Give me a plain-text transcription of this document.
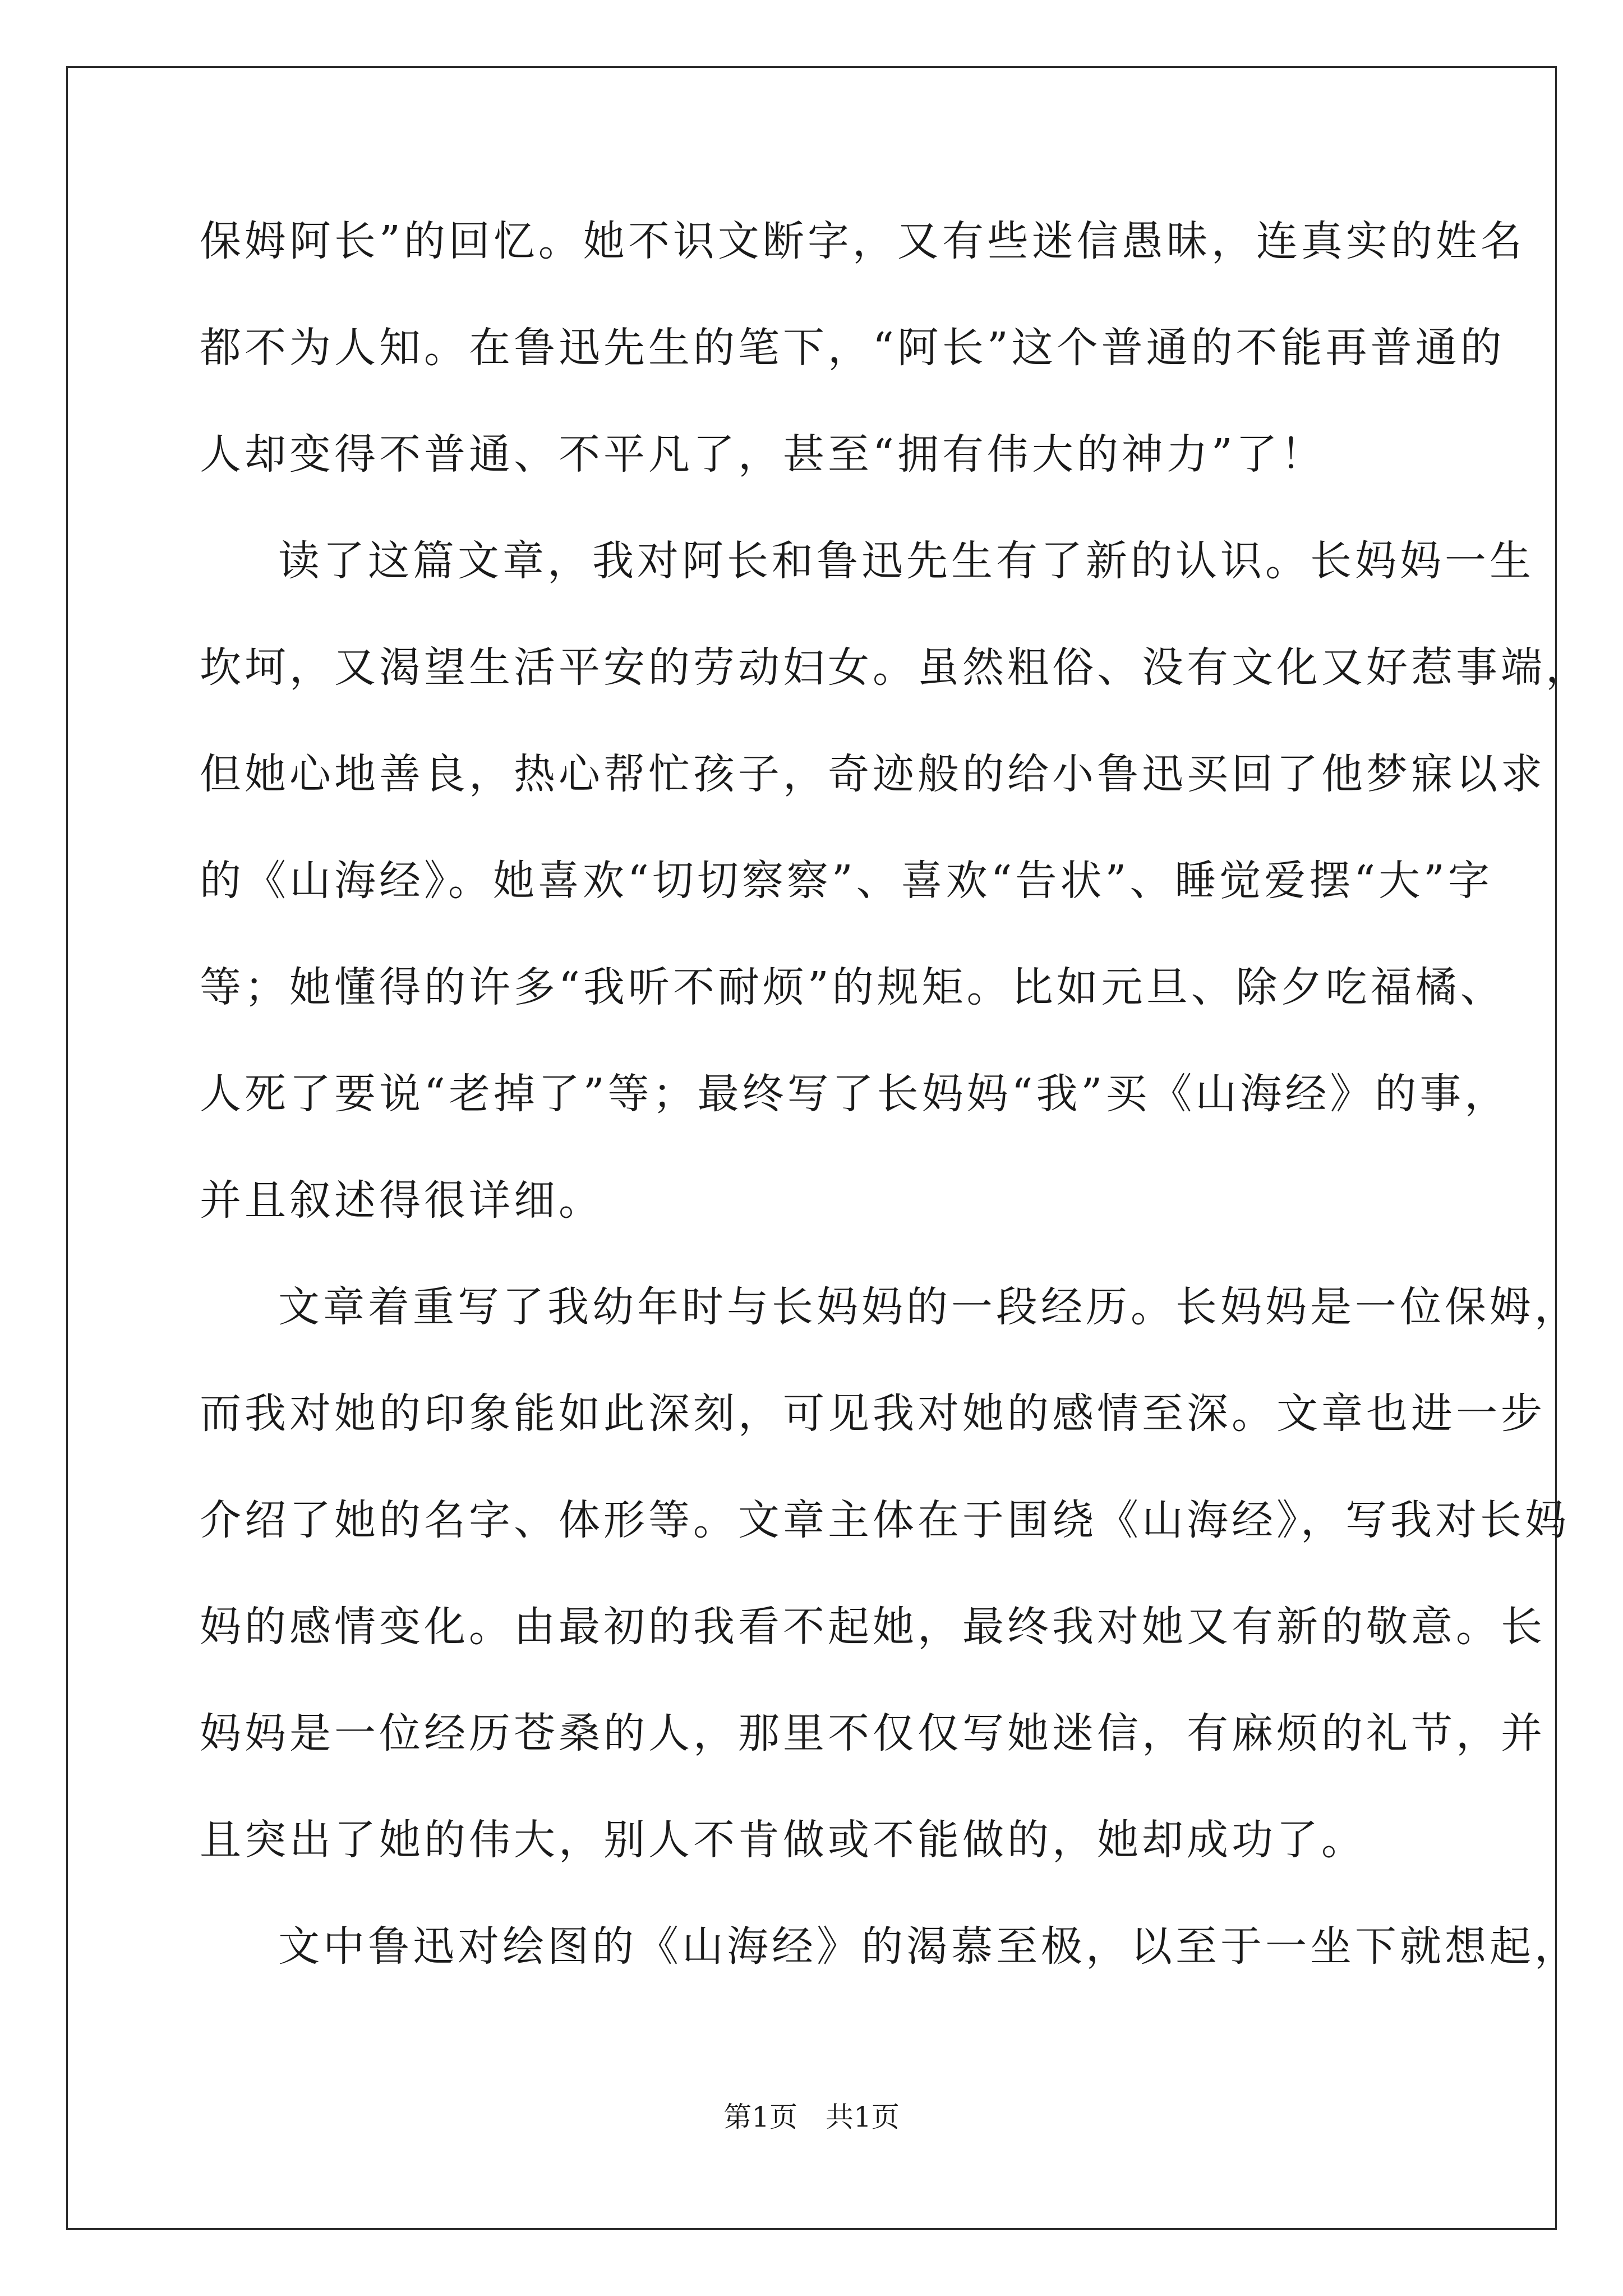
保姆阿长”的回忆。她不识文断字，又有些迷信愚昧，连真实的姓名
都不为人知。在鲁迅先生的笔下，“阿长”这个普通的不能再普通的
人却变得不普通、不平凡了，甚至“拥有伟大的神力”了！
读了这篇文章，我对阿长和鲁迅先生有了新的认识。长妈妈一生
坎坷，又渴望生活平安的劳动妇女。虽然粗俗、没有文化又好惹事端，
但她心地善良，热心帮忙孩子，奇迹般的给小鲁迅买回了他梦寐以求
的《山海经》。她喜欢“切切察察”、喜欢“告状”、睡觉爱摆“大”字
等；她懂得的许多“我听不耐烦”的规矩。比如元旦、除夕吃福橘、
人死了要说“老掉了”等；最终写了长妈妈“我”买《山海经》的事，
并且叙述得很详细。
文章着重写了我幼年时与长妈妈的一段经历。长妈妈是一位保姆，
而我对她的印象能如此深刻，可见我对她的感情至深。文章也进一步
介绍了她的名字、体形等。文章主体在于围绕《山海经》，写我对长妈
妈的感情变化。由最初的我看不起她，最终我对她又有新的敬意。长
妈妈是一位经历苍桑的人，那里不仅仅写她迷信，有麻烦的礼节，并
且突出了她的伟大，别人不肯做或不能做的，她却成功了。
文中鲁迅对绘图的《山海经》的渴慕至极，以至于一坐下就想起，
第1页 共1页
